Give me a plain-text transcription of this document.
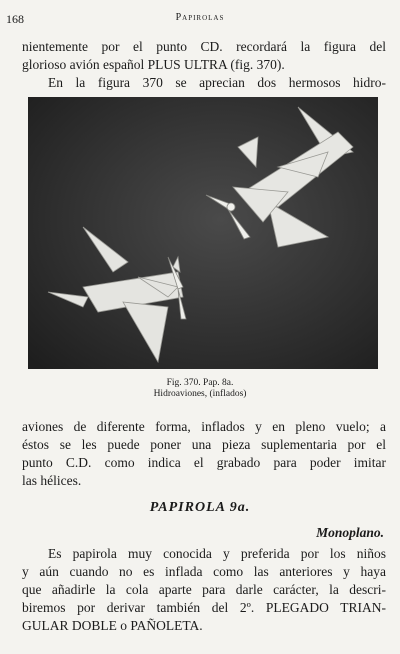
168	Papirolas
nientemente por el punto CD. recordará la figura del
glorioso avión español PLUS ULTRA (fig. 370).
En la figura 370 se aprecian dos hermosos hidro-
Fig. 370. Pap. 8a.
Hidroaviones, (inflados)
aviones de diferente forma, inflados y en pleno vuelo; a
éstos se les puede poner una pieza suplementaria por el
punto C.D. como indica el grabado para poder imitar
las hélices.
PAPIROLA 9a.
Monoplano.
Es papirola muy conocida y preferida por los niños
y aún cuando no es inflada como las anteriores y haya
que añadirle la cola aparte para darle carácter, la descri-
biremos por derivar también del 2º. PLEGADO TRIAN-
GULAR DOBLE o PAÑOLETA.
